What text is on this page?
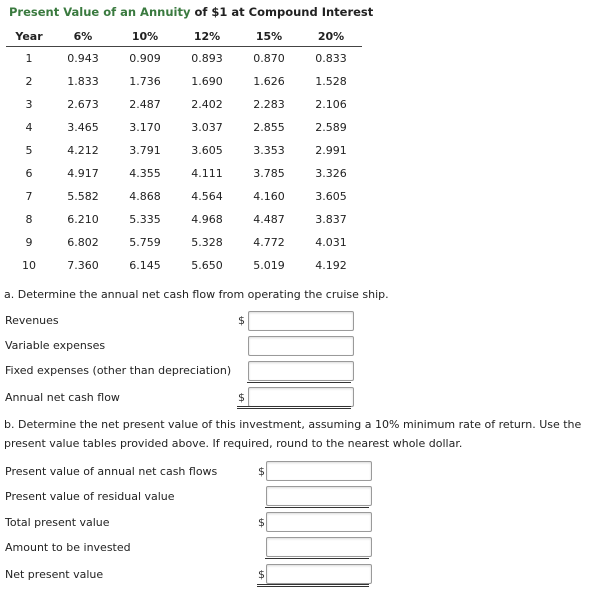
Present Value of an Annuity of $1 at Compound Interest
Year	6%	10%	12%	15%	20%
1	0.943	0.909	0.893	0.870	0.833
2	1.833	1.736	1.690	1.626	1.528
3	2.673	2.487	2.402	2.283	2.106
4	3.465	3.170	3.037	2.855	2.589
5	4.212	3.791	3.605	3.353	2.991
6	4.917	4.355	4.111	3.785	3.326
7	5.582	4.868	4.564	4.160	3.605
8	6.210	5.335	4.968	4.487	3.837
9	6.802	5.759	5.328	4.772	4.031
10	7.360	6.145	5.650	5.019	4.192
a. Determine the annual net cash flow from operating the cruise ship.
Revenues	$
Variable expenses
Fixed expenses (other than depreciation)
Annual net cash flow	$
b. Determine the net present value of this investment, assuming a 10% minimum rate of return. Use the present value tables provided above. If required, round to the nearest whole dollar.
Present value of annual net cash flows	$
Present value of residual value
Total present value	$
Amount to be invested
Net present value	$
